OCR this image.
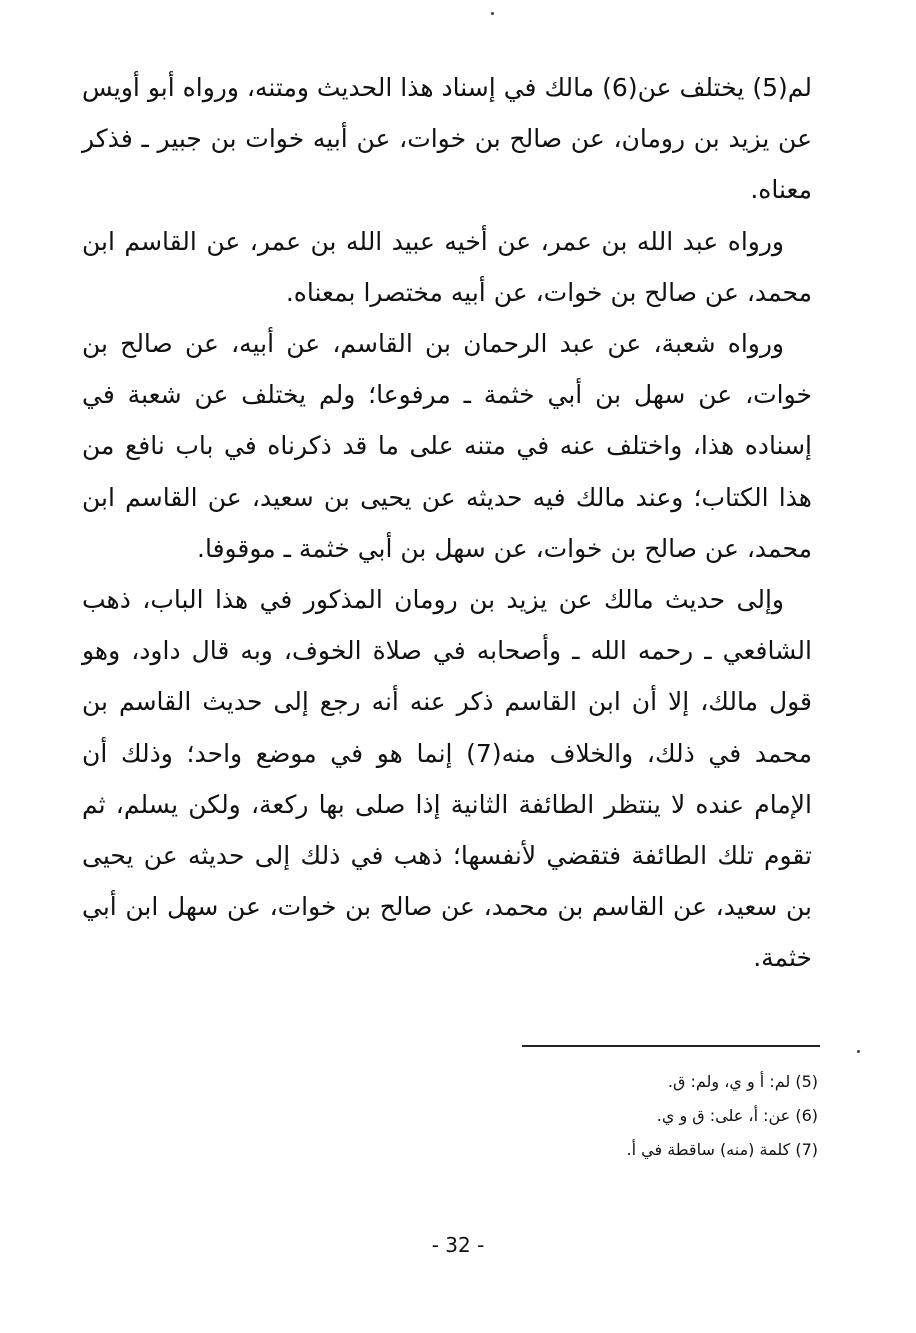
لم(5) يختلف عن(6) مالك في إسناد هذا الحديث ومتنه، ورواه أبو أويس عن يزيد بن رومان، عن صالح بن خوات، عن أبيه خوات بن جبير ـ فذكر معناه.

ورواه عبد الله بن عمر، عن أخيه عبيد الله بن عمر، عن القاسم ابن محمد، عن صالح بن خوات، عن أبيه مختصرا بمعناه.

ورواه شعبة، عن عبد الرحمان بن القاسم، عن أبيه، عن صالح بن خوات، عن سهل بن أبي خثمة ـ مرفوعا؛ ولم يختلف عن شعبة في إسناده هذا، واختلف عنه في متنه على ما قد ذكرناه في باب نافع من هذا الكتاب؛ وعند مالك فيه حديثه عن يحيى بن سعيد، عن القاسم ابن محمد، عن صالح بن خوات، عن سهل بن أبي خثمة ـ موقوفا.

وإلى حديث مالك عن يزيد بن رومان المذكور في هذا الباب، ذهب الشافعي ـ رحمه الله ـ وأصحابه في صلاة الخوف، وبه قال داود، وهو قول مالك، إلا أن ابن القاسم ذكر عنه أنه رجع إلى حديث القاسم بن محمد في ذلك، والخلاف منه(7) إنما هو في موضع واحد؛ وذلك أن الإمام عنده لا ينتظر الطائفة الثانية إذا صلى بها ركعة، ولكن يسلم، ثم تقوم تلك الطائفة فتقضي لأنفسها؛ ذهب في ذلك إلى حديثه عن يحيى بن سعيد، عن القاسم بن محمد، عن صالح بن خوات، عن سهل ابن أبي خثمة.

(5) لم: أ و ي، ولم: ق.

(6) عن: أ، على: ق و ي.

(7) كلمة (منه) ساقطة في أ.

- 32 -
